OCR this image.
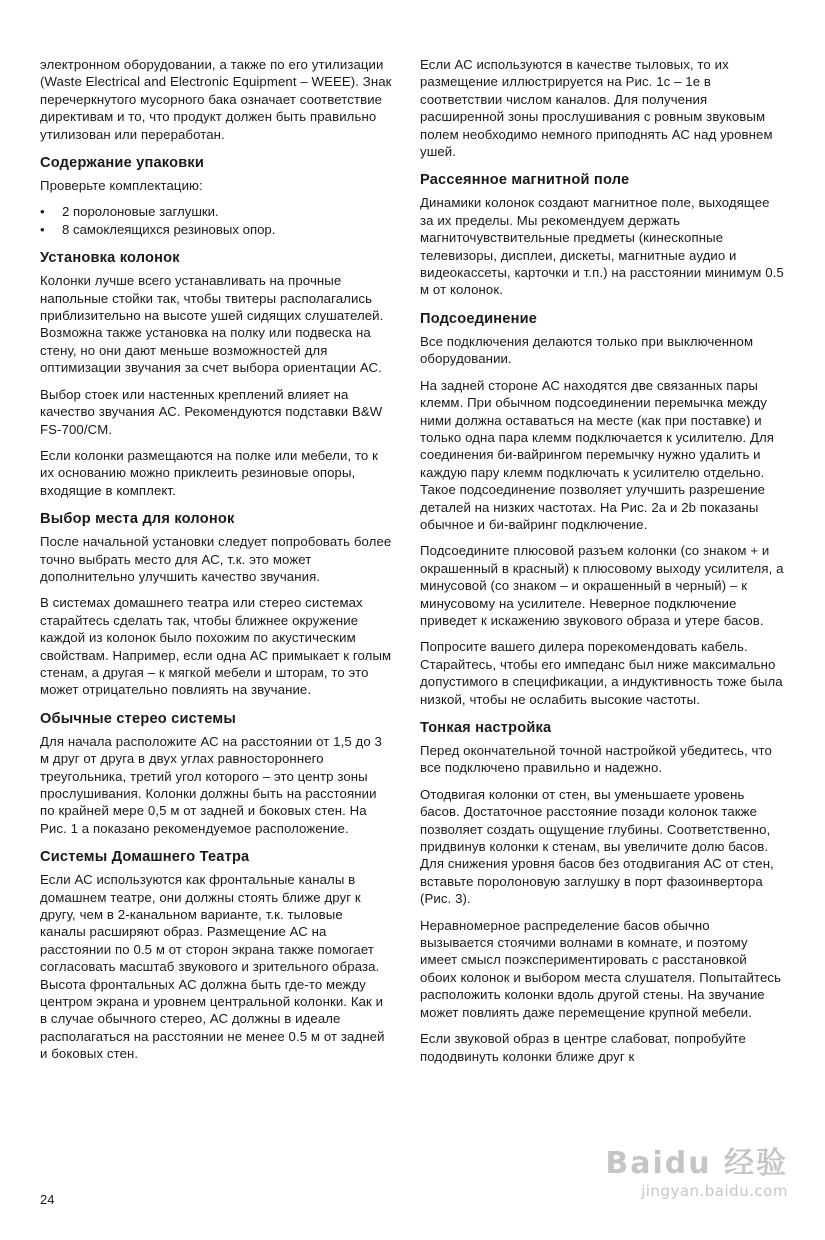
электронном оборудовании, а также по его утилизации (Waste Electrical and Electronic Equipment – WEEE). Знак перечеркнутого мусорного бака означает соответствие директивам и то, что продукт должен быть правильно утилизован или переработан.

Содержание упаковки

Проверьте комплектацию:

• 2 поролоновые заглушки.
• 8 самоклеящихся резиновых опор.
Установка колонок

Колонки лучше всего устанавливать на прочные напольные стойки так, чтобы твитеры располагались приблизительно на высоте ушей сидящих слушателей. Возможна также установка на полку или подвеска на стену, но они дают меньше возможностей для оптимизации звучания за счет выбора ориентации АС.

Выбор стоек или настенных креплений влияет на качество звучания АС. Рекомендуются подставки B&W FS-700/CM.

Если колонки размещаются на полке или мебели, то к их основанию можно приклеить резиновые опоры, входящие в комплект.

Выбор места для колонок

После начальной установки следует попробовать более точно выбрать место для АС, т.к. это может дополнительно улучшить качество звучания.

В системах домашнего театра или стерео системах старайтесь сделать так, чтобы ближнее окружение каждой из колонок было похожим по акустическим свойствам. Например, если одна АС примыкает к голым стенам, а другая – к мягкой мебели и шторам, то это может отрицательно повлиять на звучание.

Обычные стерео системы

Для начала расположите АС на расстоянии от 1,5 до 3 м друг от друга в двух углах равностороннего треугольника, третий угол которого – это центр зоны прослушивания. Колонки должны быть на расстоянии по крайней мере 0,5 м от задней и боковых стен. На Рис. 1 а показано рекомендуемое расположение.

Системы Домашнего Театра

Если АС используются как фронтальные каналы в домашнем театре, они должны стоять ближе друг к другу, чем в 2-канальном варианте, т.к. тыловые каналы расширяют образ. Размещение АС на расстоянии по 0.5 м от сторон экрана также помогает согласовать масштаб звукового и зрительного образа. Высота фронтальных АС должна быть где-то между центром экрана и уровнем центральной колонки. Как и в случае обычного стерео, АС должны в идеале располагаться на расстоянии не менее 0.5 м от задней и боковых стен.

Если АС используются в качестве тыловых, то их размещение иллюстрируется на Рис. 1с – 1е в соответствии числом каналов. Для получения расширенной зоны прослушивания с ровным звуковым полем необходимо немного приподнять АС над уровнем ушей.

Рассеянное магнитной поле

Динамики колонок создают магнитное поле, выходящее за их пределы. Мы рекомендуем держать магниточувствительные предметы (кинескопные телевизоры, дисплеи, дискеты, магнитные аудио и видеокассеты, карточки и т.п.) на расстоянии минимум 0.5 м от колонок.

Подсоединение

Все подключения делаются только при выключенном оборудовании.

На задней стороне АС находятся две связанных пары клемм. При обычном подсоединении перемычка между ними должна оставаться на месте (как при поставке) и только одна пара клемм подключается к усилителю. Для соединения би-вайрингом перемычку нужно удалить и каждую пару клемм подключать к усилителю отдельно. Такое подсоединение позволяет улучшить разрешение деталей на низких частотах. На Рис. 2а и 2b показаны обычное и би-вайринг подключение.

Подсоедините плюсовой разъем колонки (со знаком + и окрашенный в красный) к плюсовому выходу усилителя, а минусовой (со знаком – и окрашенный в черный) – к минусовому на усилителе. Неверное подключение приведет к искажению звукового образа и утере басов.

Попросите вашего дилера порекомендовать кабель. Старайтесь, чтобы его импеданс был ниже максимально допустимого в спецификации, а индуктивность тоже была низкой, чтобы не ослабить высокие частоты.

Тонкая настройка

Перед окончательной точной настройкой убедитесь, что все подключено правильно и надежно.

Отодвигая колонки от стен, вы уменьшаете уровень басов. Достаточное расстояние позади колонок также позволяет создать ощущение глубины. Соответственно, придвинув колонки к стенам, вы увеличите долю басов. Для снижения уровня басов без отодвигания АС от стен, вставьте поролоновую заглушку в порт фазоинвертора (Рис. 3).

Неравномерное распределение басов обычно вызывается стоячими волнами в комнате, и поэтому имеет смысл поэкспериментировать с расстановкой обоих колонок и выбором места слушателя. Попытайтесь расположить колонки вдоль другой стены. На звучание может повлиять даже перемещение крупной мебели.

Если звуковой образ в центре слабоват, попробуйте пододвинуть колонки ближе друг к

24
Baidu 经验
jingyan.baidu.com
